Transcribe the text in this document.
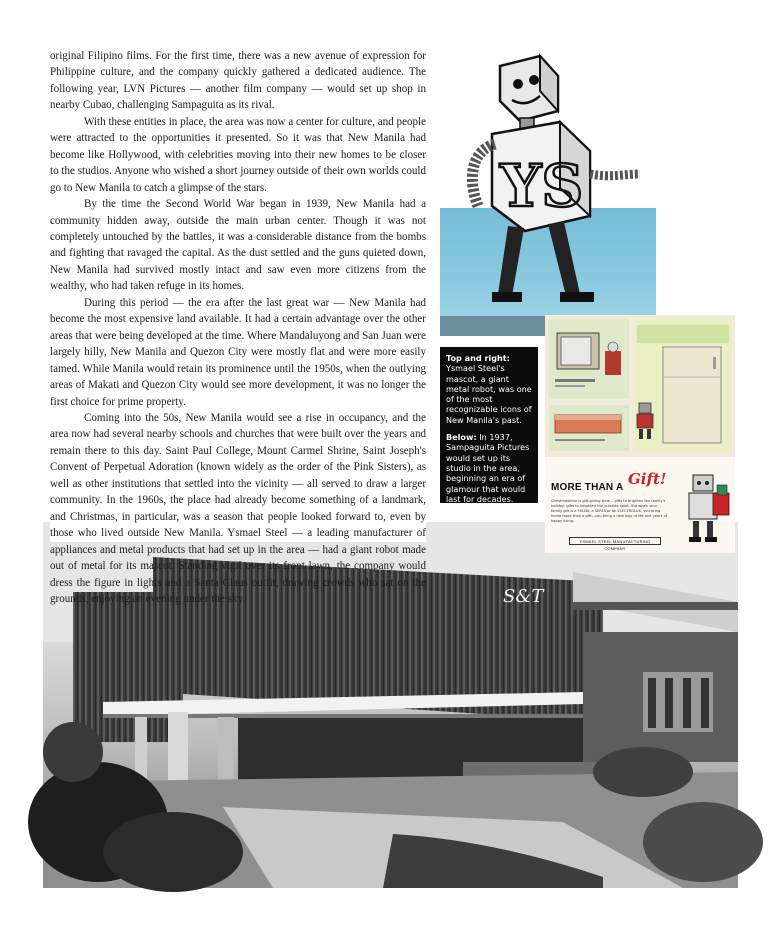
S&T

original Filipino films. For the first time, there was a new avenue of expression for Philippine culture, and the company quickly gathered a dedicated audience. The following year, LVN Pictures — another film company — would set up shop in nearby Cubao, challenging Sampaguita as its rival.

With these entities in place, the area was now a center for culture, and people were attracted to the opportunities it presented. So it was that New Manila had become like Hollywood, with celebrities moving into their new homes to be closer to the studios. Anyone who wished a short journey outside of their own worlds could go to New Manila to catch a glimpse of the stars.

By the time the Second World War began in 1939, New Manila had a community hidden away, outside the main urban center. Though it was not completely untouched by the battles, it was a considerable distance from the bombs and fighting that ravaged the capital. As the dust settled and the guns quieted down, New Manila had survived mostly intact and saw even more citizens from the wealthy, who had taken refuge in its homes.

During this period — the era after the last great war — New Manila had become the most expensive land available. It had a certain advantage over the other areas that were being developed at the time. Where Mandaluyong and San Juan were largely hilly, New Manila and Quezon City were mostly flat and were more easily tamed. While Manila would retain its prominence until the 1950s, when the outlying areas of Makati and Quezon City would see more development, it was no longer the first choice for prime property.

Coming into the 50s, New Manila would see a rise in occupancy, and the area now had several nearby schools and churches that were built over the years and remain there to this day. Saint Paul College, Mount Carmel Shrine, Saint Joseph's Convent of Perpetual Adoration (known widely as the order of the Pink Sisters), as well as other institutions that settled into the vicinity — all served to draw a larger community. In the 1960s, the place had already become something of a landmark, and Christmas, in particular, was a season that people looked forward to, even by those who lived outside New Manila. Ysmael Steel — a leading manufacturer of appliances and metal products that had set up in the area — had a giant robot made out of metal for its mascot. Standing vigil over its front lawn, the company would dress the figure in lights and a Santa Claus outfit, drawing crowds who sat on the grounds, enjoying an evening under the sky.

YS

Top and right: Ysmael Steel's mascot, a giant metal robot, was one of the most recognizable icons of New Manila's past.

Below: In 1937, Sampaguita Pictures would set up its studio in the area, beginning an era of glamour that would last for decades.

MORE THAN A Gift!
Christmastime is gift-giving time... gifts to brighten the family's holiday, gifts to heighten the yuletide spirit. But when your family gift is a FELDA, a SERTA or an ELECTROLUX, you bring home more than a gift—you bring a new way of life and years of happy living.
YSMAEL STEEL MANUFACTURING COMPANY
